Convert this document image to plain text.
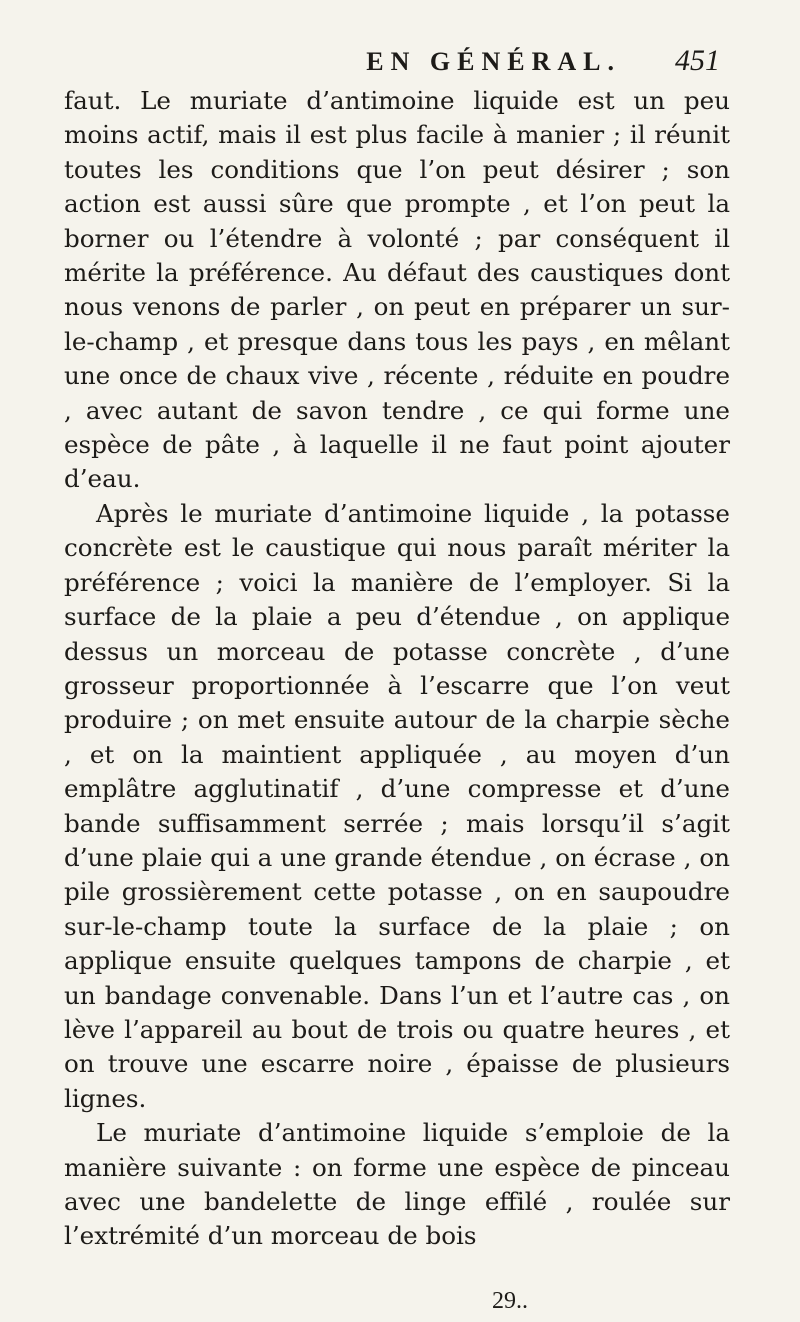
EN GÉNÉRAL. 451

faut. Le muriate d’antimoine liquide est un peu moins actif, mais il est plus facile à manier ; il réunit toutes les conditions que l’on peut désirer ; son action est aussi sûre que prompte , et l’on peut la borner ou l’étendre à volonté ; par conséquent il mérite la préférence. Au défaut des caustiques dont nous venons de parler , on peut en préparer un sur-le-champ , et presque dans tous les pays , en mêlant une once de chaux vive , récente , réduite en poudre , avec autant de savon tendre , ce qui forme une espèce de pâte , à laquelle il ne faut point ajouter d’eau.

Après le muriate d’antimoine liquide , la potasse concrète est le caustique qui nous paraît mériter la préférence ; voici la manière de l’employer. Si la surface de la plaie a peu d’étendue , on applique dessus un morceau de potasse concrète , d’une grosseur proportionnée à l’escarre que l’on veut produire ; on met ensuite autour de la charpie sèche , et on la maintient appliquée , au moyen d’un emplâtre agglutinatif , d’une compresse et d’une bande suffisamment serrée ; mais lorsqu’il s’agit d’une plaie qui a une grande étendue , on écrase , on pile grossièrement cette potasse , on en saupoudre sur-le-champ toute la surface de la plaie ; on applique ensuite quelques tampons de charpie , et un bandage convenable. Dans l’un et l’autre cas , on lève l’appareil au bout de trois ou quatre heures , et on trouve une escarre noire , épaisse de plusieurs lignes.

Le muriate d’antimoine liquide s’emploie de la manière suivante : on forme une espèce de pinceau avec une bandelette de linge effilé , roulée sur l’extrémité d’un morceau de bois

29..
